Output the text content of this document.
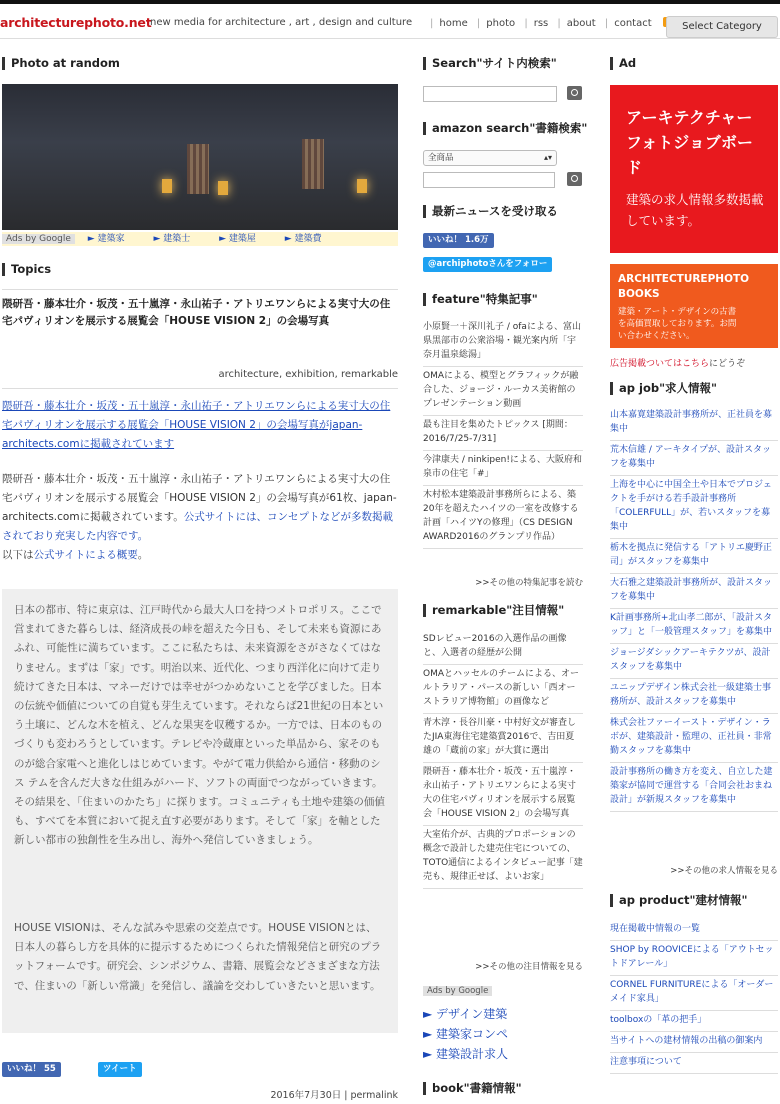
architecturephoto.net
new media for architecture , art , design and culture	| home | photo | rss | about | contact	Select Category
Photo at random
Ads by Google ► 建築家	► 建築士	► 建築屋	► 建築費
Topics
隈研吾・藤本壮介・坂茂・五十嵐淳・永山祐子・アトリエワンらによる実寸大の住宅パヴィリオンを展示する展覧会「HOUSE VISION 2」の会場写真
architecture, exhibition, remarkable
隈研吾・藤本壮介・坂茂・五十嵐淳・永山祐子・アトリエワンらによる実寸大の住宅パヴィリオンを展示する展覧会「HOUSE VISION 2」の会場写真がjapan-architects.comに掲載されています
隈研吾・藤本壮介・坂茂・五十嵐淳・永山祐子・アトリエワンらによる実寸大の住宅パヴィリオンを展示する展覧会「HOUSE VISION 2」の会場写真が61枚、japan-architects.comに掲載されています。公式サイトには、コンセプトなどが多数掲載されており充実した内容です。
以下は公式サイトによる概要。

日本の都市、特に東京は、江戸時代から最大人口を持つメトロポリス。ここで営まれてきた暮らしは、経済成長の峠を超えた今日も、そして未来も資源にあふれ、可能性に満ちています。ここに私たちは、未来資源をさがさなくてはなりません。まずは「家」です。明治以来、近代化、つまり西洋化に向けて走り続けてきた日本は、マネーだけでは幸せがつかめないことを学びました。日本の伝統や価値についての自覚も芽生えています。それならば21世紀の日本という土壌に、どんな木を植え、どんな果実を収穫するか。一方では、日本のものづくりも変わろうとしています。テレビや冷蔵庫といった単品から、家そのものが総合家電へと進化しはじめています。やがて電力供給から通信・移動のシス テムを含んだ大きな仕組みがハード、ソフトの両面でつながっていきます。その結果を、「住まいのかたち」に探ります。コミュニティも土地や建築の価値も、すべてを本質において捉え直す必要があります。そして「家」を軸とした新しい都市の独創性を生み出し、海外へ発信していきましょう。

HOUSE VISIONは、そんな試みや思索の交差点です。HOUSE VISIONとは、日本人の暮らし方を具体的に提示するためにつくられた情報発信と研究のプラットフォームです。研究会、シンポジウム、書籍、展覧会などさまざまな方法で、住まいの「新しい常識」を発信し、議論を交わしていきたいと思います。

いいね！ 55	ツイート
2016年7月30日 | permalink
Search"サイト内検索"
amazon search"書籍検索"
全商品	▴▾
最新ニュースを受け取る
いいね！ 1.6万
@archiphotoさんをフォロー
feature"特集記事"
小原賢一＋深川礼子 / ofaによる、富山県黒部市の公衆浴場・観光案内所「宇奈月温泉総湯」
OMAによる、模型とグラフィックが融合した、ジョージ・ルーカス美術館のプレゼンテーション動画
最も注目を集めたトピックス [期間：2016/7/25-7/31]
今津康夫 / ninkipen!による、大阪府和泉市の住宅「#」
木村松本建築設計事務所らによる、築20年を超えたハイツの一室を改修する計画「ハイツYの修理」（CS DESIGN AWARD2016のグランプリ作品）
>>その他の特集記事を読む
remarkable"注目情報"
SDレビュー2016の入選作品の画像と、入選者の経歴が公開
OMAとハッセルのチームによる、オールトラリア・パースの新しい「西オーストラリア博物館」の画像など
青木淳・長谷川豪・中村好文が審査したJIA東海住宅建築賞2016で、吉田夏雄の「蔵前の家」が大賞に選出
隈研吾・藤本壮介・坂茂・五十嵐淳・永山祐子・アトリエワンらによる実寸大の住宅パヴィリオンを展示する展覧会「HOUSE VISION 2」の会場写真
大室佑介が、古典的プロポーションの概念で設計した建売住宅についての、TOTO通信によるインタビュー記事「建売も、規律正せば、よいお家」
>>その他の注目情報を見る
Ads by Google
► デザイン建築
► 建築家コンペ
► 建築設計求人
book"書籍情報"
Ad
アーキテクチャーフォトジョブボード
建築の求人情報多数掲載しています。
ARCHITECTUREPHOTO BOOKS
建築・アート・デザインの古書を高価買取しております。お問い合わせください。
広告掲載ついてはこちらにどうぞ
ap job"求人情報"
山本嘉寛建築設計事務所が、正社員を募集中
荒木信雄 / アーキタイプが、設計スタッフを募集中
上海を中心に中国全土や日本でプロジェクトを手がける若手設計事務所「COLERFULL」が、若いスタッフを募集中
栃木を拠点に発信する「アトリエ慶野正司」がスタッフを募集中
大石雅之建築設計事務所が、設計スタッフを募集中
K計画事務所+北山孝二郎が、「設計スタッフ」と「一般管理スタッフ」を募集中
ジョージダシックアーキテクツが、設計スタッフを募集中
ユニップデザイン株式会社一級建築士事務所が、設計スタッフを募集中
株式会社ファーイースト・デザイン・ラボが、建築設計・監理の、正社員・非常勤スタッフを募集中
設計事務所の働き方を変え、自立した建築家が協同で運営する「合同会社おまね設計」が新規スタッフを募集中
>>その他の求人情報を見る
ap product"建材情報"
現在掲載中情報の一覧
SHOP by ROOVICEによる「アウトセットドアレール」
CORNEL FURNITUREによる「オーダーメイド家具」
toolboxの「革の把手」
当サイトへの建材情報の出稿の御案内
注意事項について
